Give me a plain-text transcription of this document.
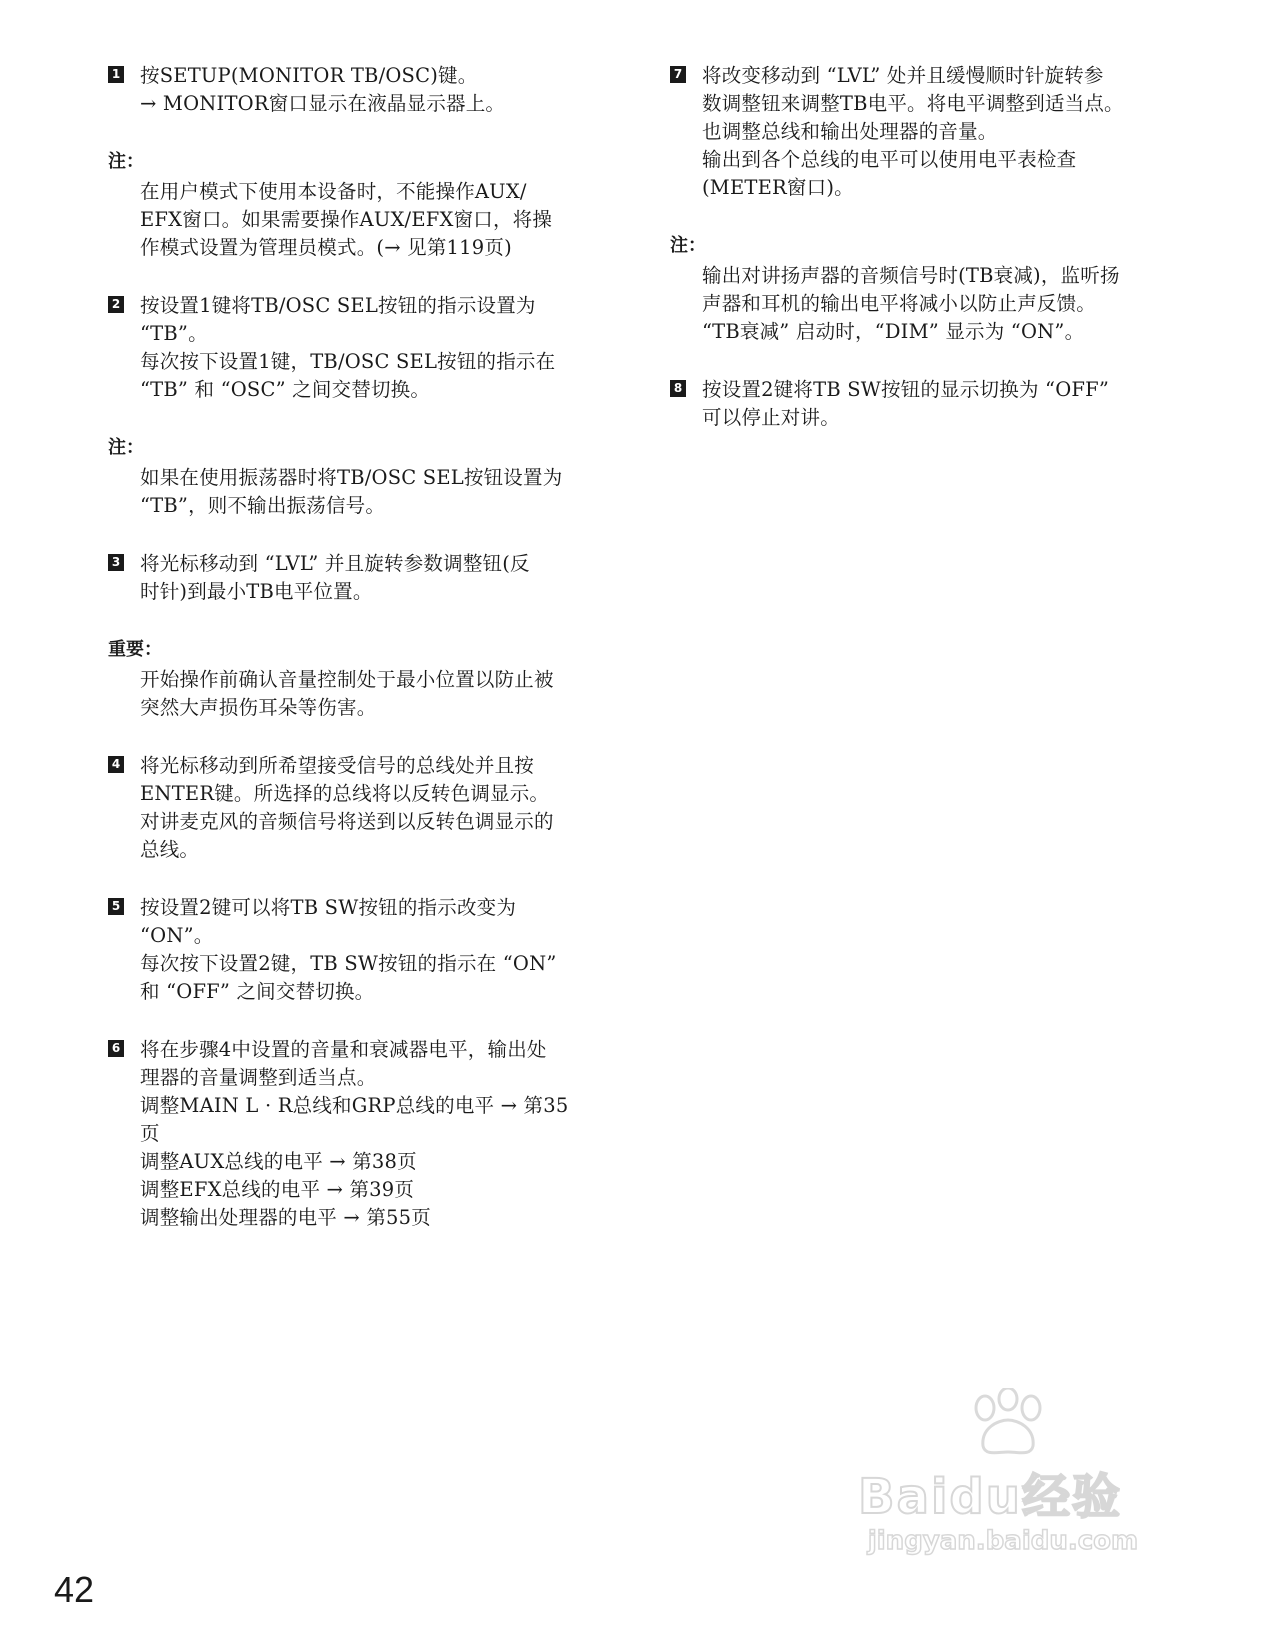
1 按SETUP(MONITOR TB/OSC)键。
→ MONITOR窗口显示在液晶显示器上。
注：
在用户模式下使用本设备时，不能操作AUX/
EFX窗口。如果需要操作AUX/EFX窗口，将操
作模式设置为管理员模式。(→ 见第119页)
2 按设置1键将TB/OSC SEL按钮的指示设置为
“TB”。
每次按下设置1键，TB/OSC SEL按钮的指示在
“TB” 和 “OSC” 之间交替切换。
注：
如果在使用振荡器时将TB/OSC SEL按钮设置为
“TB”，则不输出振荡信号。
3 将光标移动到 “LVL” 并且旋转参数调整钮(反
时针)到最小TB电平位置。
重要：
开始操作前确认音量控制处于最小位置以防止被
突然大声损伤耳朵等伤害。
4 将光标移动到所希望接受信号的总线处并且按
ENTER键。所选择的总线将以反转色调显示。
对讲麦克风的音频信号将送到以反转色调显示的
总线。
5 按设置2键可以将TB SW按钮的指示改变为
“ON”。
每次按下设置2键，TB SW按钮的指示在 “ON”
和 “OFF” 之间交替切换。
6 将在步骤4中设置的音量和衰减器电平，输出处
理器的音量调整到适当点。
调整MAIN L · R总线和GRP总线的电平 → 第35
页
调整AUX总线的电平 → 第38页
调整EFX总线的电平 → 第39页
调整输出处理器的电平 → 第55页
7 将改变移动到 “LVL” 处并且缓慢顺时针旋转参
数调整钮来调整TB电平。将电平调整到适当点。
也调整总线和输出处理器的音量。
输出到各个总线的电平可以使用电平表检查
(METER窗口)。
注：
输出对讲扬声器的音频信号时(TB衰减)，监听扬
声器和耳机的输出电平将减小以防止声反馈。
“TB衰减” 启动时，“DIM” 显示为 “ON”。
8 按设置2键将TB SW按钮的显示切换为 “OFF”
可以停止对讲。
42
Baidu经验
jingyan.baidu.com
